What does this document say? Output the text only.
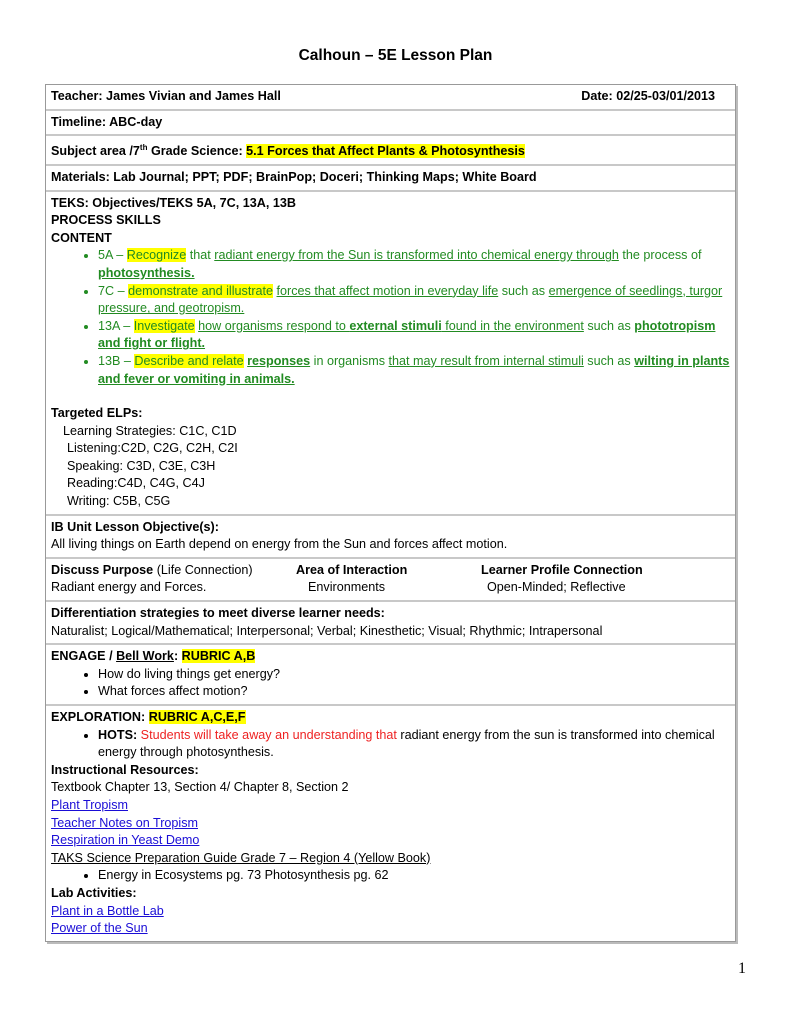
Calhoun – 5E Lesson Plan
Teacher: James Vivian and James Hall	Date: 02/25-03/01/2013
Timeline: ABC-day
Subject area /7th Grade Science: 5.1 Forces that Affect Plants & Photosynthesis
Materials: Lab Journal; PPT; PDF; BrainPop; Doceri; Thinking Maps; White Board
TEKS: Objectives/TEKS 5A, 7C, 13A, 13B
PROCESS SKILLS
CONTENT
• 5A – Recognize that radiant energy from the Sun is transformed into chemical energy through the process of photosynthesis.
• 7C – demonstrate and illustrate forces that affect motion in everyday life such as emergence of seedlings, turgor pressure, and geotropism.
• 13A – Investigate how organisms respond to external stimuli found in the environment such as phototropism and fight or flight.
• 13B – Describe and relate responses in organisms that may result from internal stimuli such as wilting in plants and fever or vomiting in animals.
Targeted ELPs:
Learning Strategies: C1C, C1D
Listening:C2D, C2G, C2H, C2I
Speaking: C3D, C3E, C3H
Reading:C4D, C4G, C4J
Writing: C5B, C5G
IB Unit Lesson Objective(s):
All living things on Earth depend on energy from the Sun and forces affect motion.
Discuss Purpose (Life Connection)	Area of Interaction	Learner Profile Connection
Radiant energy and Forces.	Environments	Open-Minded; Reflective
Differentiation strategies to meet diverse learner needs:
Naturalist; Logical/Mathematical; Interpersonal; Verbal; Kinesthetic; Visual; Rhythmic; Intrapersonal
ENGAGE / Bell Work: RUBRIC A,B
• How do living things get energy?
• What forces affect motion?
EXPLORATION: RUBRIC A,C,E,F
• HOTS: Students will take away an understanding that radiant energy from the sun is transformed into chemical energy through photosynthesis.
Instructional Resources:
Textbook Chapter 13, Section 4/ Chapter 8, Section 2
Plant Tropism
Teacher Notes on Tropism
Respiration in Yeast Demo
TAKS Science Preparation Guide Grade 7 – Region 4 (Yellow Book)
• Energy in Ecosystems pg. 73 Photosynthesis pg. 62
Lab Activities:
Plant in a Bottle Lab
Power of the Sun
1
